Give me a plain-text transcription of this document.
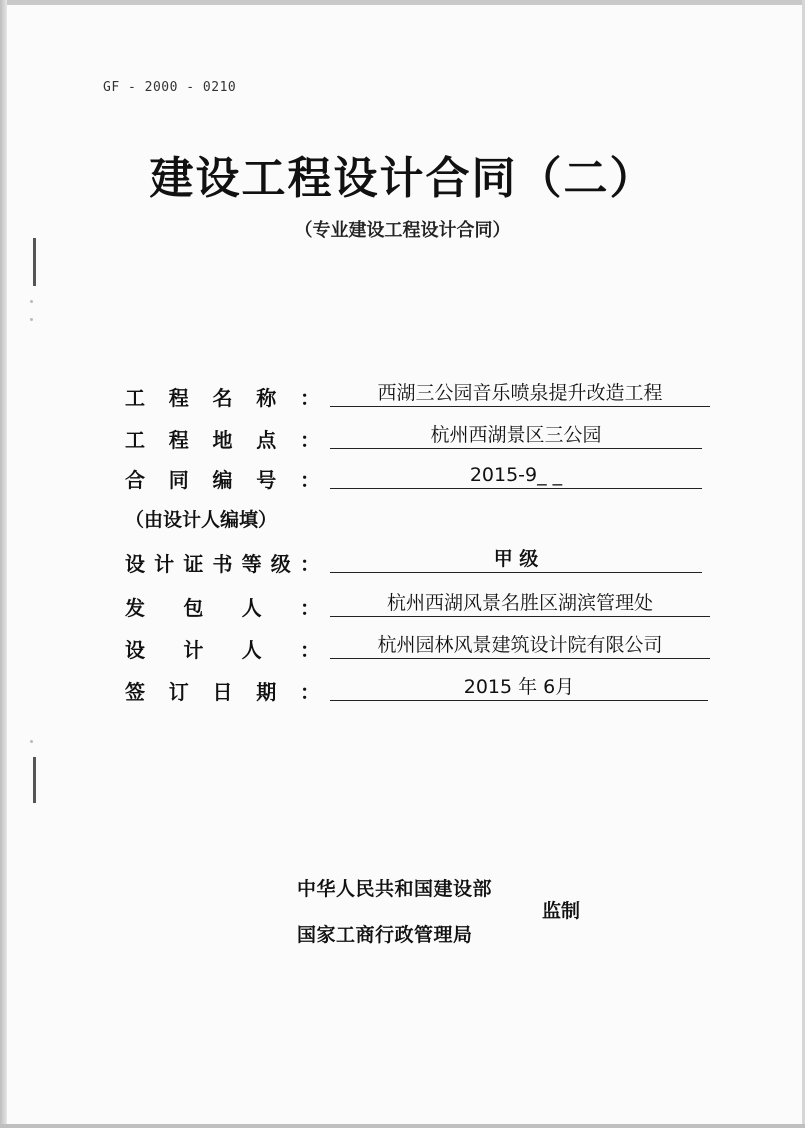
GF - 2000 - 0210
建设工程设计合同（二）
（专业建设工程设计合同）
工 程 名 称 ：	西湖三公园音乐喷泉提升改造工程
工 程 地 点 ：	杭州西湖景区三公园
合 同 编 号 ：	2015-9_ _
（由设计人编填）
设 计 证 书 等 级 ：	甲 级
发 包 人 ：	杭州西湖风景名胜区湖滨管理处
设 计 人 ：	杭州园林风景建筑设计院有限公司
签 订 日 期 ：	2015 年 6月
中华人民共和国建设部
国家工商行政管理局
监制
